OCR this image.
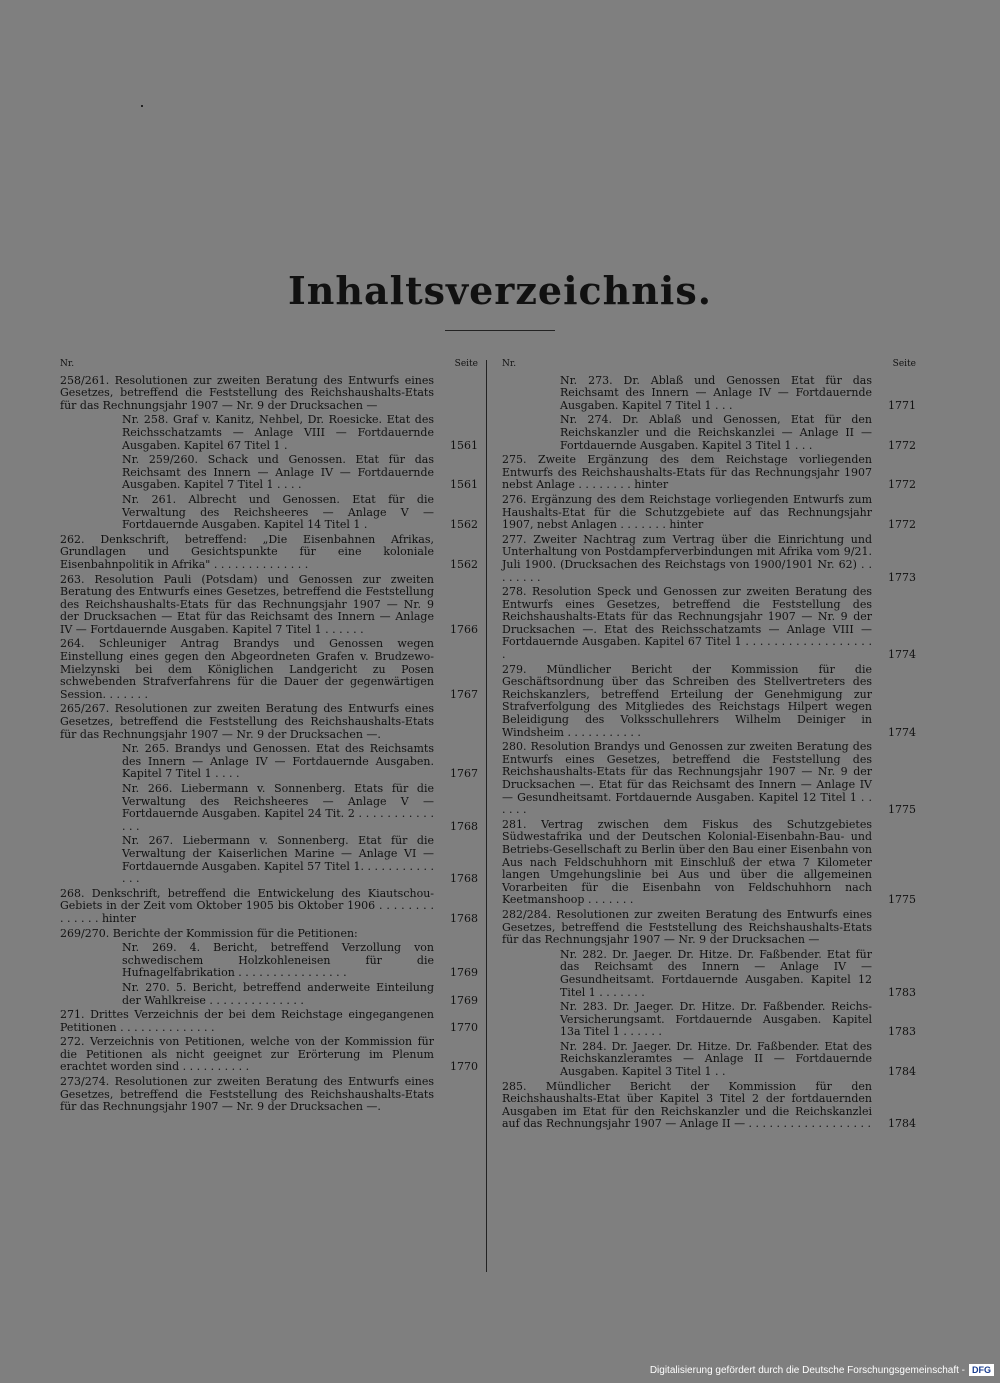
Inhaltsverzeichnis.
Nr.	Seite
258/261. Resolutionen zur zweiten Beratung des Entwurfs eines Gesetzes, betreffend die Feststellung des Reichshaushalts-Etats für das Rechnungsjahr 1907 — Nr. 9 der Drucksachen —
Nr. 258. Graf v. Kanitz, Nehbel, Dr. Roesicke. Etat des Reichsschatzamts — Anlage VIII — Fortdauernde Ausgaben. Kapitel 67 Titel 1 .	1561
Nr. 259/260. Schack und Genossen. Etat für das Reichsamt des Innern — Anlage IV — Fortdauernde Ausgaben. Kapitel 7 Titel 1 . . . .	1561
Nr. 261. Albrecht und Genossen. Etat für die Verwaltung des Reichsheeres — Anlage V — Fortdauernde Ausgaben. Kapitel 14 Titel 1 .	1562
262. Denkschrift, betreffend: „Die Eisenbahnen Afrikas, Grundlagen und Gesichtspunkte für eine koloniale Eisenbahnpolitik in Afrika" . . . . . . . . . . . . . .	1562
263. Resolution Pauli (Potsdam) und Genossen zur zweiten Beratung des Entwurfs eines Gesetzes, betreffend die Feststellung des Reichshaushalts-Etats für das Rechnungsjahr 1907 — Nr. 9 der Drucksachen — Etat für das Reichsamt des Innern — Anlage IV — Fortdauernde Ausgaben. Kapitel 7 Titel 1 . . . . . .	1766
264. Schleuniger Antrag Brandys und Genossen wegen Einstellung eines gegen den Abgeordneten Grafen v. Brudzewo-Mielzynski bei dem Königlichen Landgericht zu Posen schwebenden Strafverfahrens für die Dauer der gegenwärtigen Session. . . . . . .	1767
265/267. Resolutionen zur zweiten Beratung des Entwurfs eines Gesetzes, betreffend die Feststellung des Reichshaushalts-Etats für das Rechnungsjahr 1907 — Nr. 9 der Drucksachen —.
Nr. 265. Brandys und Genossen. Etat des Reichsamts des Innern — Anlage IV — Fortdauernde Ausgaben. Kapitel 7 Titel 1 . . . .	1767
Nr. 266. Liebermann v. Sonnenberg. Etats für die Verwaltung des Reichsheeres — Anlage V — Fortdauernde Ausgaben. Kapitel 24 Tit. 2 . . . . . . . . . . . . . .	1768
Nr. 267. Liebermann v. Sonnenberg. Etat für die Verwaltung der Kaiserlichen Marine — Anlage VI — Fortdauernde Ausgaben. Kapitel 57 Titel 1. . . . . . . . . . . . . .	1768
268. Denkschrift, betreffend die Entwickelung des Kiautschou-Gebiets in der Zeit vom Oktober 1905 bis Oktober 1906 . . . . . . . . . . . . . . hinter	1768
269/270. Berichte der Kommission für die Petitionen:
Nr. 269. 4. Bericht, betreffend Verzollung von schwedischem Holzkohleneisen für die Hufnagelfabrikation . . . . . . . . . . . . . . . .	1769
Nr. 270. 5. Bericht, betreffend anderweite Einteilung der Wahlkreise . . . . . . . . . . . . . .	1769
271. Drittes Verzeichnis der bei dem Reichstage eingegangenen Petitionen . . . . . . . . . . . . . .	1770
272. Verzeichnis von Petitionen, welche von der Kommission für die Petitionen als nicht geeignet zur Erörterung im Plenum erachtet worden sind . . . . . . . . . .	1770
273/274. Resolutionen zur zweiten Beratung des Entwurfs eines Gesetzes, betreffend die Feststellung des Reichshaushalts-Etats für das Rechnungsjahr 1907 — Nr. 9 der Drucksachen —.
Nr.	Seite
Nr. 273. Dr. Ablaß und Genossen Etat für das Reichsamt des Innern — Anlage IV — Fortdauernde Ausgaben. Kapitel 7 Titel 1 . . .	1771
Nr. 274. Dr. Ablaß und Genossen, Etat für den Reichskanzler und die Reichskanzlei — Anlage II — Fortdauernde Ausgaben. Kapitel 3 Titel 1 . . .	1772
275. Zweite Ergänzung des dem Reichstage vorliegenden Entwurfs des Reichshaushalts-Etats für das Rechnungsjahr 1907 nebst Anlage . . . . . . . . hinter	1772
276. Ergänzung des dem Reichstage vorliegenden Entwurfs zum Haushalts-Etat für die Schutzgebiete auf das Rechnungsjahr 1907, nebst Anlagen . . . . . . . hinter	1772
277. Zweiter Nachtrag zum Vertrag über die Einrichtung und Unterhaltung von Postdampferverbindungen mit Afrika vom 9/21. Juli 1900. (Drucksachen des Reichstags von 1900/1901 Nr. 62) . . . . . . . .	1773
278. Resolution Speck und Genossen zur zweiten Beratung des Entwurfs eines Gesetzes, betreffend die Feststellung des Reichshaushalts-Etats für das Rechnungsjahr 1907 — Nr. 9 der Drucksachen —. Etat des Reichsschatzamts — Anlage VIII — Fortdauernde Ausgaben. Kapitel 67 Titel 1 . . . . . . . . . . . . . . . . . . .	1774
279. Mündlicher Bericht der Kommission für die Geschäftsordnung über das Schreiben des Stellvertreters des Reichskanzlers, betreffend Erteilung der Genehmigung zur Strafverfolgung des Mitgliedes des Reichstags Hilpert wegen Beleidigung des Volksschullehrers Wilhelm Deiniger in Windsheim . . . . . . . . . . .	1774
280. Resolution Brandys und Genossen zur zweiten Beratung des Entwurfs eines Gesetzes, betreffend die Feststellung des Reichshaushalts-Etats für das Rechnungsjahr 1907 — Nr. 9 der Drucksachen —. Etat für das Reichsamt des Innern — Anlage IV — Gesundheitsamt. Fortdauernde Ausgaben. Kapitel 12 Titel 1 . . . . . .	1775
281. Vertrag zwischen dem Fiskus des Schutzgebietes Südwestafrika und der Deutschen Kolonial-Eisenbahn-Bau- und Betriebs-Gesellschaft zu Berlin über den Bau einer Eisenbahn von Aus nach Feldschuhhorn mit Einschluß der etwa 7 Kilometer langen Umgehungslinie bei Aus und über die allgemeinen Vorarbeiten für die Eisenbahn von Feldschuhhorn nach Keetmanshoop . . . . . . .	1775
282/284. Resolutionen zur zweiten Beratung des Entwurfs eines Gesetzes, betreffend die Feststellung des Reichshaushalts-Etats für das Rechnungsjahr 1907 — Nr. 9 der Drucksachen —
Nr. 282. Dr. Jaeger. Dr. Hitze. Dr. Faßbender. Etat für das Reichsamt des Innern — Anlage IV — Gesundheitsamt. Fortdauernde Ausgaben. Kapitel 12 Titel 1 . . . . . . .	1783
Nr. 283. Dr. Jaeger. Dr. Hitze. Dr. Faßbender. Reichs-Versicherungsamt. Fortdauernde Ausgaben. Kapitel 13a Titel 1 . . . . . .	1783
Nr. 284. Dr. Jaeger. Dr. Hitze. Dr. Faßbender. Etat des Reichskanzleramtes — Anlage II — Fortdauernde Ausgaben. Kapitel 3 Titel 1 . .	1784
285. Mündlicher Bericht der Kommission für den Reichshaushalts-Etat über Kapitel 3 Titel 2 der fortdauernden Ausgaben im Etat für den Reichskanzler und die Reichskanzlei auf das Rechnungsjahr 1907 — Anlage II — . . . . . . . . . . . . . . . . . .	1784
Digitalisierung gefördert durch die Deutsche Forschungsgemeinschaft - DFG
